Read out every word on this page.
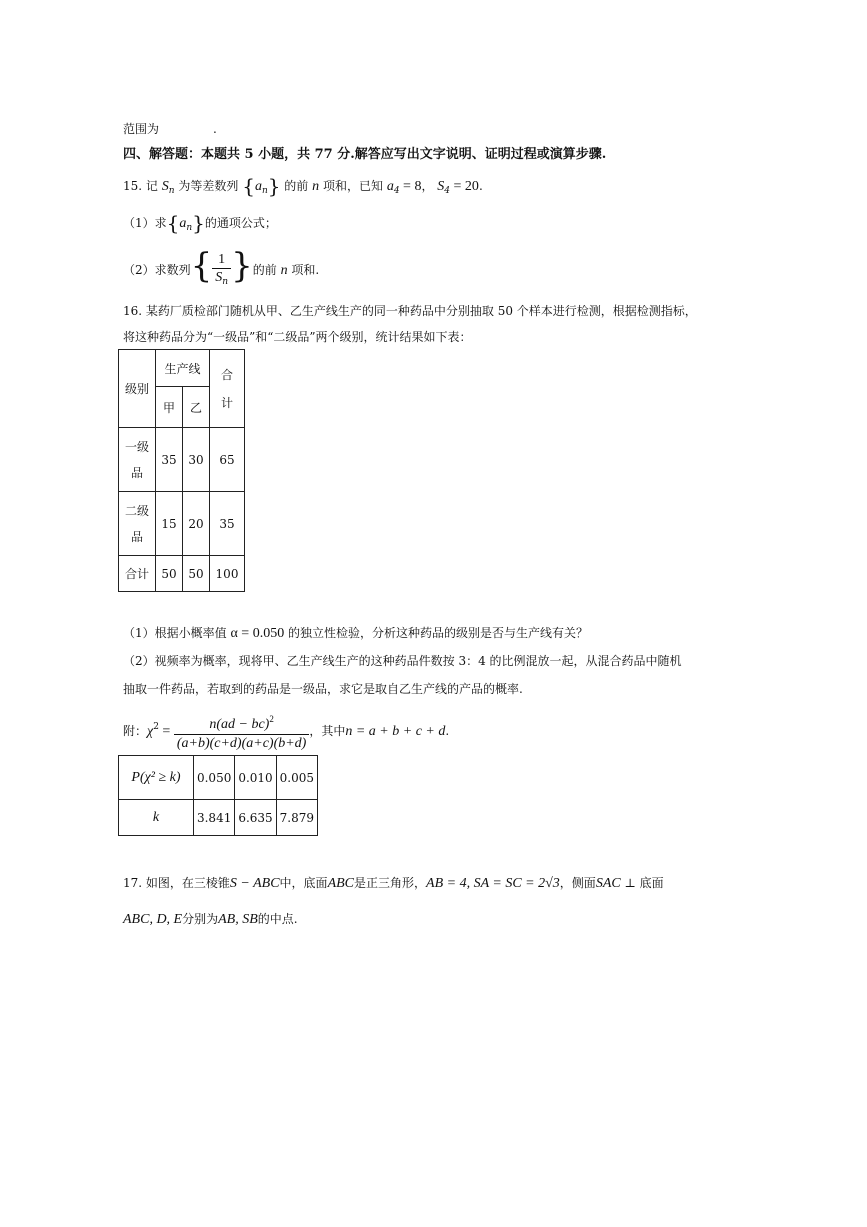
范围为	.
四、解答题：本题共 5 小题，共 77 分.解答应写出文字说明、证明过程或演算步骤.
15. 记 $S_n$ 为等差数列 $\{a_n\}$ 的前 n 项和，已知 $a_4 = 8$， $S_4 = 20$.
（1）求$\{a_n\}$的通项公式；
（2）求数列{ $\frac{1}{S_n}$ }的前 n 项和.
16. 某药厂质检部门随机从甲、乙生产线生产的同一种药品中分别抽取 50 个样本进行检测，根据检测指标，
将这种药品分为“一级品”和“二级品”两个级别，统计结果如下表：
级别	生产线		合计

	甲	乙	

一级品	35	30	65

二级品	15	20	35
合计	50	50	100
（1）根据小概率值 α = 0.050 的独立性检验，分析这种药品的级别是否与生产线有关？
（2）视频率为概率，现将甲、乙生产线生产的这种药品件数按 3：4 的比例混放一起，从混合药品中随机
抽取一件药品，若取到的药品是一级品，求它是取自乙生产线的产品的概率.
附：$\chi^2 = \frac{n(ad - bc)^2}{(a+b)(c+d)(a+c)(b+d)}$ ，其中n = a + b + c + d.
P(χ² ≥ k)	0.050	0.010	0.005
k	3.841	6.635	7.879
17. 如图，在三棱锥S − ABC中，底面ABC是正三角形，AB = 4, SA = SC = 2√3，侧面SAC ⊥ 底面
ABC, D, E分别为AB, SB的中点.
